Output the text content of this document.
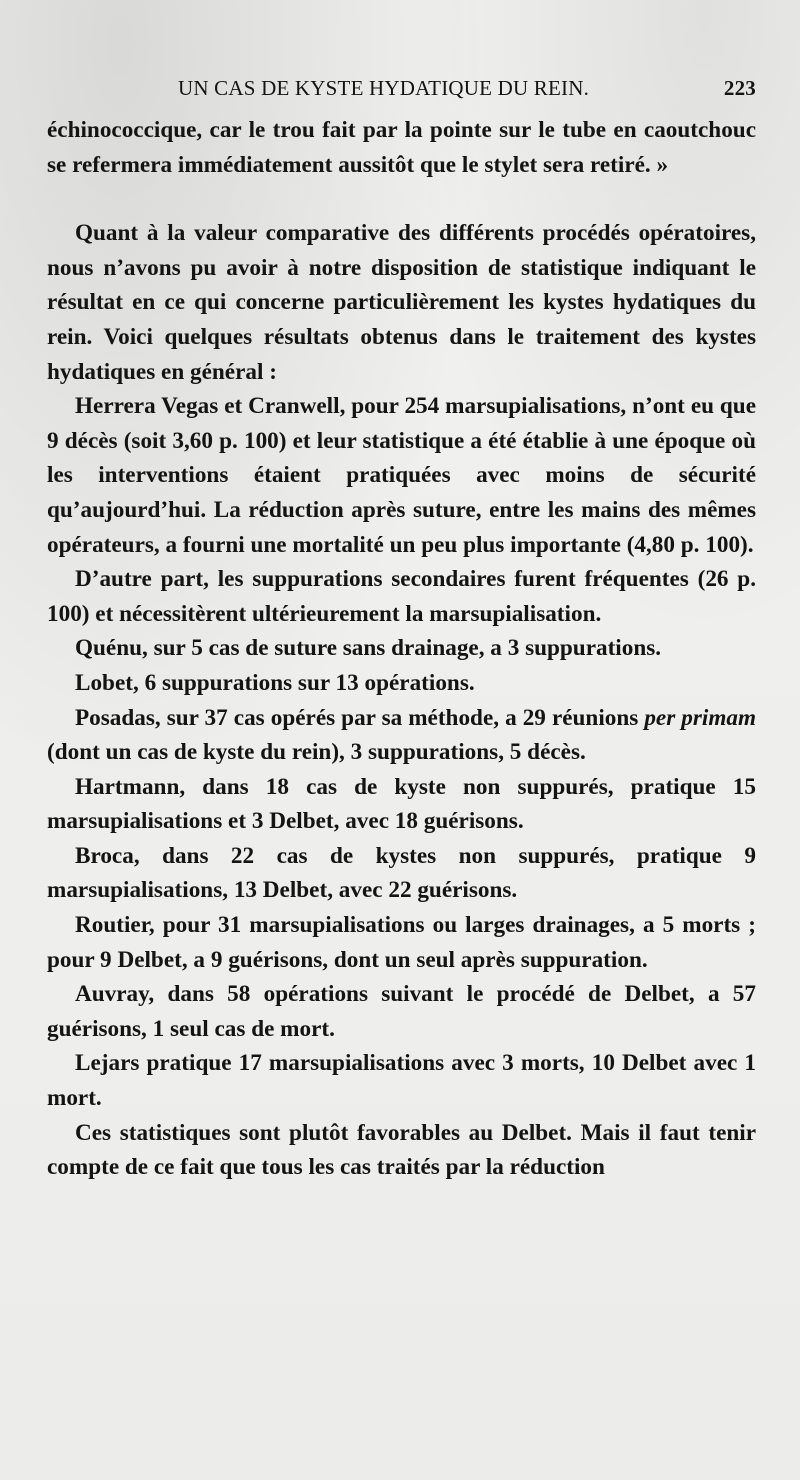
UN CAS DE KYSTE HYDATIQUE DU REIN.	223

échinococcique, car le trou fait par la pointe sur le tube en caoutchouc se refermera immédiatement aussitôt que le stylet sera retiré. »

Quant à la valeur comparative des différents procédés opératoires, nous n’avons pu avoir à notre disposition de statistique indiquant le résultat en ce qui concerne particulièrement les kystes hydatiques du rein. Voici quelques résultats obtenus dans le traitement des kystes hydatiques en général :

Herrera Vegas et Cranwell, pour 254 marsupialisations, n’ont eu que 9 décès (soit 3,60 p. 100) et leur statistique a été établie à une époque où les interventions étaient pratiquées avec moins de sécurité qu’aujourd’hui. La réduction après suture, entre les mains des mêmes opérateurs, a fourni une mortalité un peu plus importante (4,80 p. 100).

D’autre part, les suppurations secondaires furent fréquentes (26 p. 100) et nécessitèrent ultérieurement la marsupialisation.

Quénu, sur 5 cas de suture sans drainage, a 3 suppurations.

Lobet, 6 suppurations sur 13 opérations.

Posadas, sur 37 cas opérés par sa méthode, a 29 réunions per primam (dont un cas de kyste du rein), 3 suppurations, 5 décès.

Hartmann, dans 18 cas de kyste non suppurés, pratique 15 marsupialisations et 3 Delbet, avec 18 guérisons.

Broca, dans 22 cas de kystes non suppurés, pratique 9 marsupialisations, 13 Delbet, avec 22 guérisons.

Routier, pour 31 marsupialisations ou larges drainages, a 5 morts ; pour 9 Delbet, a 9 guérisons, dont un seul après suppuration.

Auvray, dans 58 opérations suivant le procédé de Delbet, a 57 guérisons, 1 seul cas de mort.

Lejars pratique 17 marsupialisations avec 3 morts, 10 Delbet avec 1 mort.

Ces statistiques sont plutôt favorables au Delbet. Mais il faut tenir compte de ce fait que tous les cas traités par la réduction
